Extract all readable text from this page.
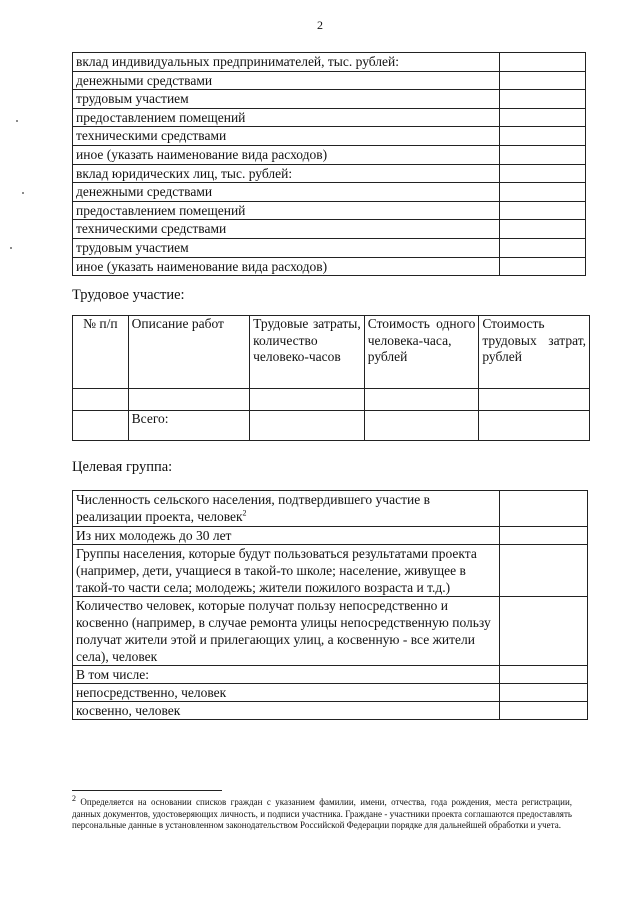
2
вклад индивидуальных предпринимателей, тыс. рублей:	
денежными средствами	
трудовым участием	
предоставлением помещений	
техническими средствами	
иное (указать наименование вида расходов)	
вклад юридических лиц, тыс. рублей:	
денежными средствами	
предоставлением помещений	
техническими средствами	
трудовым участием	
иное (указать наименование вида расходов)	
Трудовое участие:
№ п/п	Описание работ	Трудовые затраты, количество человеко-часов	Стоимость одного человека-часа, рублей	Стоимость трудовых затрат, рублей

	Всего:			
Целевая группа:
Численность сельского населения, подтвердившего участие в реализации проекта, человек$^2$	
Из них молодежь до 30 лет	
Группы населения, которые будут пользоваться результатами проекта (например, дети, учащиеся в такой-то школе; население, живущее в такой-то части села; молодежь; жители пожилого возраста и т.д.)	
Количество человек, которые получат пользу непосредственно и косвенно (например, в случае ремонта улицы непосредственную пользу получат жители этой и прилегающих улиц, а косвенную - все жители села), человек	
В том числе:	
непосредственно, человек	
косвенно, человек	
$^2$ Определяется на основании списков граждан с указанием фамилии, имени, отчества, года рождения, места регистрации, данных документов, удостоверяющих личность, и подписи участника. Граждане - участники проекта соглашаются предоставлять персональные данные в установленном законодательством Российской Федерации порядке для дальнейшей обработки и учета.
